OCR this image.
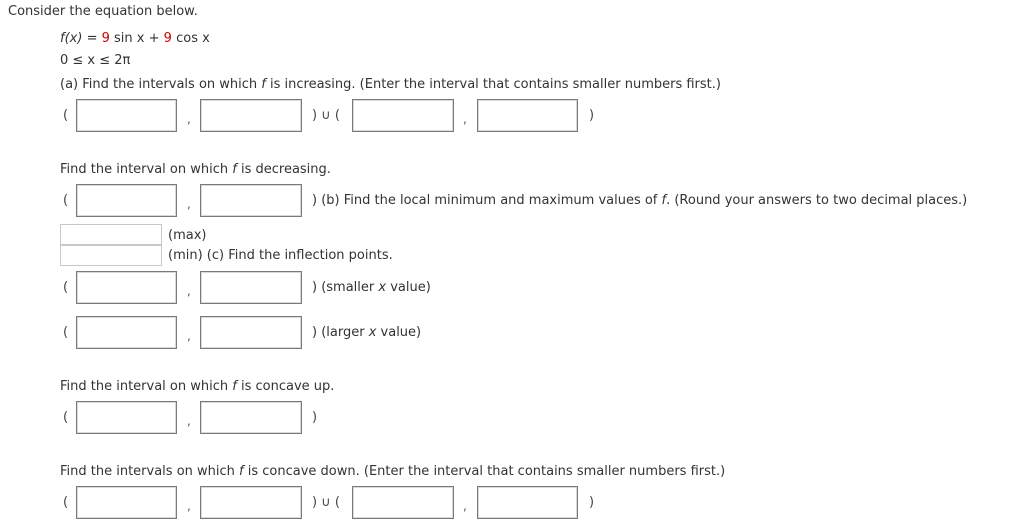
Consider the equation below.
f(x) = 9 sin x + 9 cos x
0 ≤ x ≤ 2π
(a) Find the intervals on which f is increasing. (Enter the interval that contains smaller numbers first.)
(	,	) ∪ (	,	)
Find the interval on which f is decreasing.
(	,	) (b) Find the local minimum and maximum values of f. (Round your answers to two decimal places.)
(max)
(min) (c) Find the inflection points.
(	,	) (smaller x value)
(	,	) (larger x value)
Find the interval on which f is concave up.
(	,	)
Find the intervals on which f is concave down. (Enter the interval that contains smaller numbers first.)
(	,	) ∪ (	,	)
